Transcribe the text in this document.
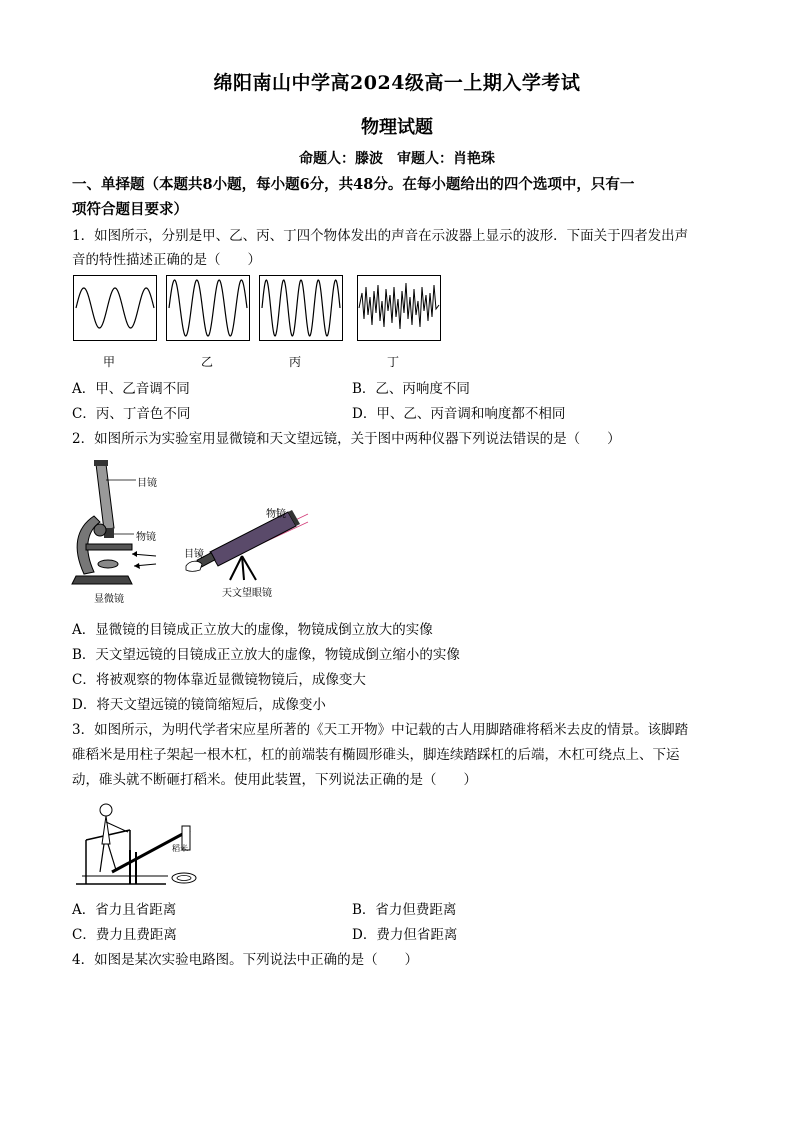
绵阳南山中学高2024级高一上期入学考试
物理试题
命题人：滕波　审题人：肖艳珠
一、单择题（本题共8小题，每小题6分，共48分。在每小题给出的四个选项中，只有一
项符合题目要求）
1．如图所示，分别是甲、乙、丙、丁四个物体发出的声音在示波器上显示的波形．下面关于四者发出声
音的特性描述正确的是（　　）
甲	乙	丙	丁
A．甲、乙音调不同	B．乙、丙响度不同
C．丙、丁音色不同	D．甲、乙、丙音调和响度都不相同
2．如图所示为实验室用显微镜和天文望远镜，关于图中两种仪器下列说法错误的是（　　）
目镜
物镜
显微镜
物镜
目镜
天文望眼镜
A．显微镜的目镜成正立放大的虚像，物镜成倒立放大的实像
B．天文望远镜的目镜成正立放大的虚像，物镜成倒立缩小的实像
C．将被观察的物体靠近显微镜物镜后，成像变大
D．将天文望远镜的镜筒缩短后，成像变小
3．如图所示，为明代学者宋应星所著的《天工开物》中记载的古人用脚踏碓将稻米去皮的情景。该脚踏
碓稻米是用柱子架起一根木杠，杠的前端装有椭圆形碓头，脚连续踏踩杠的后端，木杠可绕点上、下运
动，碓头就不断砸打稻米。使用此装置，下列说法正确的是（　　）
稻米
A．省力且省距离	B．省力但费距离
C．费力且费距离	D．费力但省距离
4．如图是某次实验电路图。下列说法中正确的是（　　）
